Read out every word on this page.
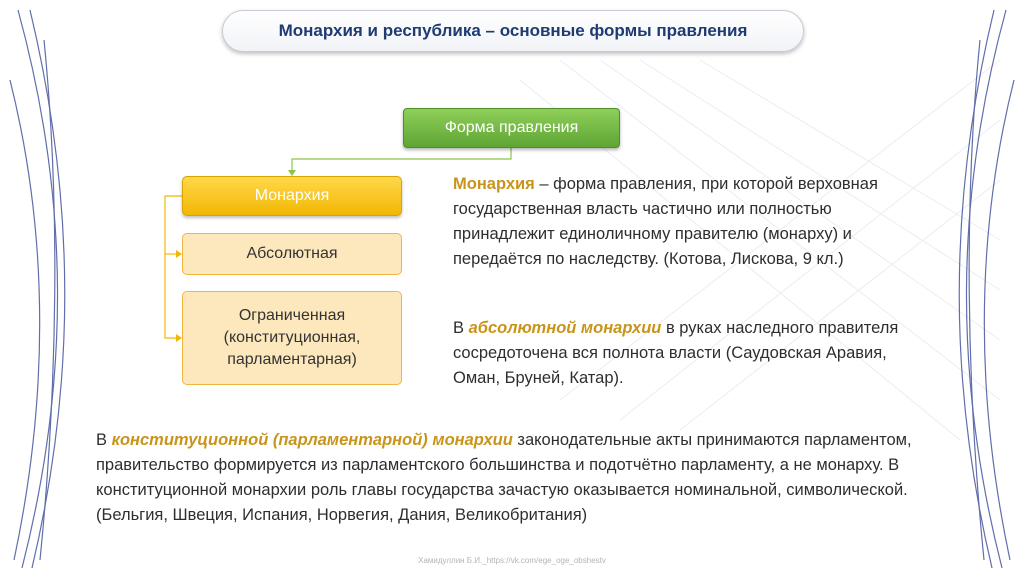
Монархия и республика – основные формы правления
Форма правления
Монархия
Абсолютная
Ограниченная (конституционная, парламентарная)
Монархия – форма правления, при которой верховная государственная власть частично или полностью принадлежит единоличному правителю (монарху) и передаётся по наследству. (Котова, Лискова, 9 кл.)
В абсолютной монархии в руках наследного правителя сосредоточена вся полнота власти (Саудовская Аравия, Оман, Бруней, Катар).
В конституционной (парламентарной) монархии законодательные акты принимаются парламентом, правительство формируется из парламентского большинства и подотчётно парламенту, а не монарху. В конституционной монархии роль главы государства зачастую оказывается номинальной, символической. (Бельгия, Швеция, Испания, Норвегия, Дания, Великобритания)
Хамидуллин Б.И._https://vk.com/ege_oge_obshestv
